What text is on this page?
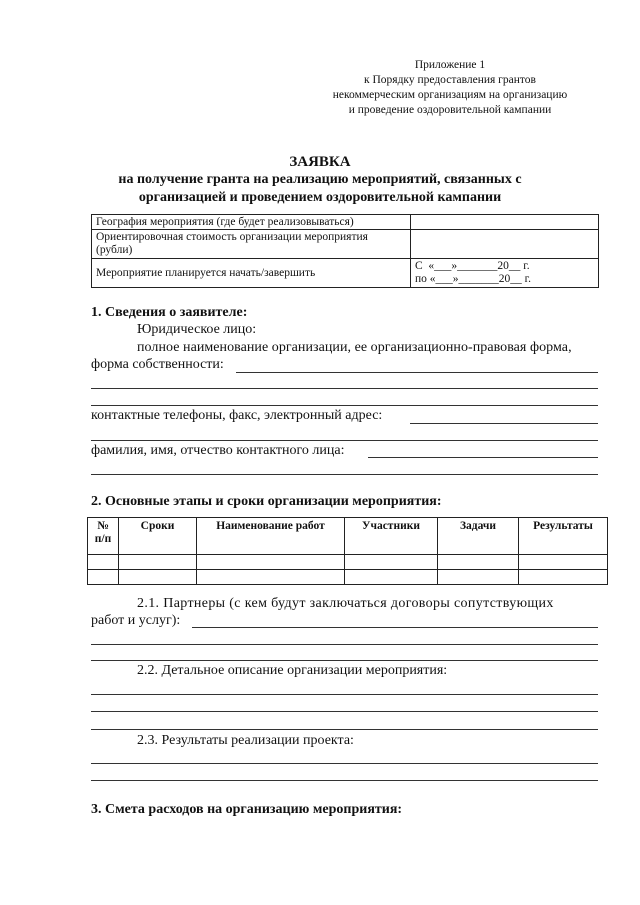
Приложение 1
к Порядку предоставления грантов
некоммерческим организациям на организацию
и проведение оздоровительной кампании
ЗАЯВКА
на получение гранта на реализацию мероприятий, связанных с
организацией и проведением оздоровительной кампании
География мероприятия (где будет реализовываться)	

Ориентировочная стоимость организации мероприятия
(рубли)	

Мероприятие планируется начать/завершить	С  «___»_______20__ г.
по «___»_______20__ г.
1. Сведения о заявителе:
Юридическое лицо:
полное наименование организации, ее организационно-правовая форма,
форма собственности:
контактные телефоны, факс, электронный адрес:
фамилия, имя, отчество контактного лица:
2. Основные этапы и сроки организации мероприятия:
№
п/п	Сроки	Наименование работ	Участники	Задачи	Результаты

2.1. Партнеры (с кем будут заключаться договоры сопутствующих
работ и услуг):
2.2. Детальное описание организации мероприятия:
2.3. Результаты реализации проекта:
3. Смета расходов на организацию мероприятия:
